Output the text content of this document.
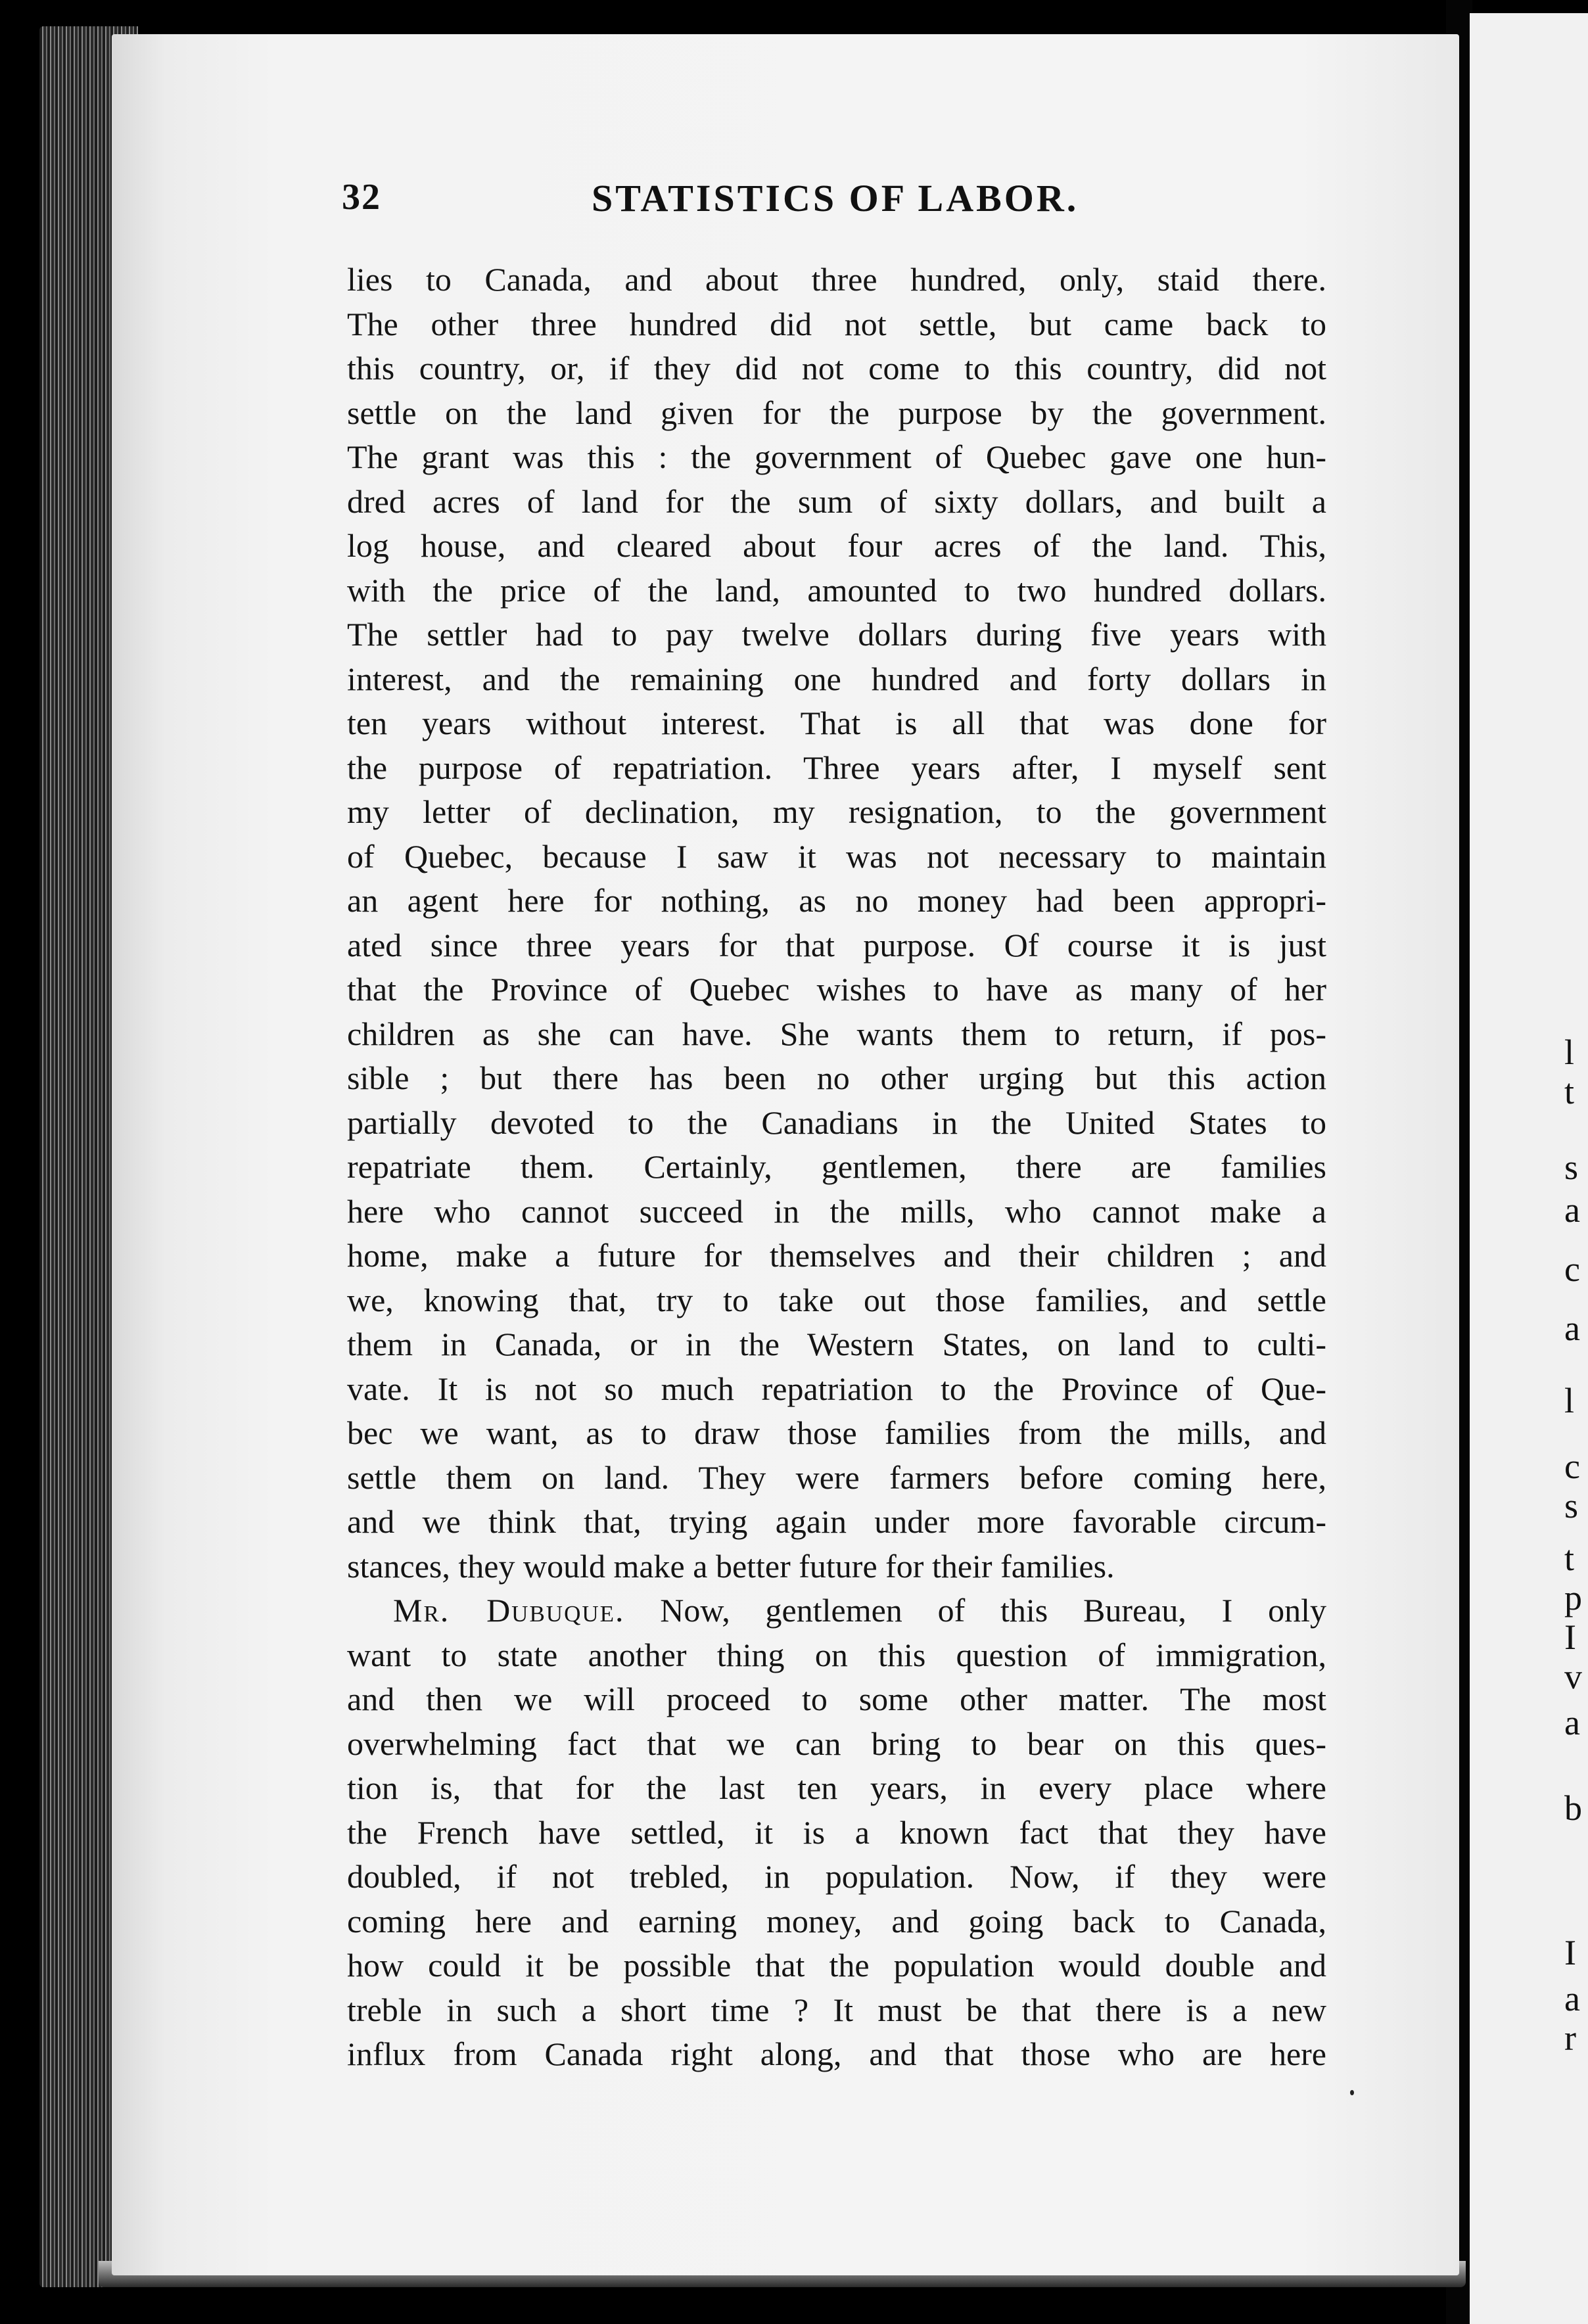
l
t
s
a
c
a
l
c
s
t
p
I
v
a
b
I
a
r
32	STATISTICS OF LABOR.
lies to Canada, and about three hundred, only, staid there.
The other three hundred did not settle, but came back to
this country, or, if they did not come to this country, did not
settle on the land given for the purpose by the government.
The grant was this : the government of Quebec gave one hun-
dred acres of land for the sum of sixty dollars, and built a
log house, and cleared about four acres of the land. This,
with the price of the land, amounted to two hundred dollars.
The settler had to pay twelve dollars during five years with
interest, and the remaining one hundred and forty dollars in
ten years without interest. That is all that was done for
the purpose of repatriation. Three years after, I myself sent
my letter of declination, my resignation, to the government
of Quebec, because I saw it was not necessary to maintain
an agent here for nothing, as no money had been appropri-
ated since three years for that purpose. Of course it is just
that the Province of Quebec wishes to have as many of her
children as she can have. She wants them to return, if pos-
sible ; but there has been no other urging but this action
partially devoted to the Canadians in the United States to
repatriate them. Certainly, gentlemen, there are families
here who cannot succeed in the mills, who cannot make a
home, make a future for themselves and their children ; and
we, knowing that, try to take out those families, and settle
them in Canada, or in the Western States, on land to culti-
vate. It is not so much repatriation to the Province of Que-
bec we want, as to draw those families from the mills, and
settle them on land. They were farmers before coming here,
and we think that, trying again under more favorable circum-
stances, they would make a better future for their families.
Mr. Dubuque. Now, gentlemen of this Bureau, I only
want to state another thing on this question of immigration,
and then we will proceed to some other matter. The most
overwhelming fact that we can bring to bear on this ques-
tion is, that for the last ten years, in every place where
the French have settled, it is a known fact that they have
doubled, if not trebled, in population. Now, if they were
coming here and earning money, and going back to Canada,
how could it be possible that the population would double and
treble in such a short time ? It must be that there is a new
influx from Canada right along, and that those who are here
